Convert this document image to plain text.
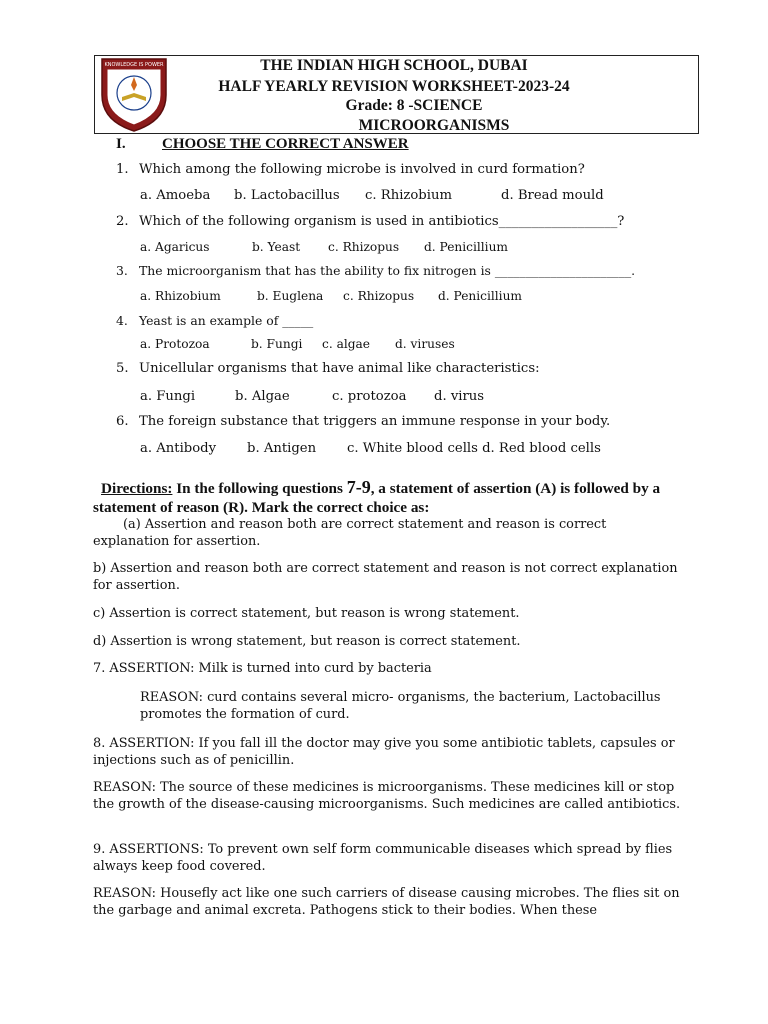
KNOWLEDGE IS POWER	THE INDIAN HIGH SCHOOL, DUBAI
HALF YEARLY REVISION WORKSHEET-2023-24
Grade: 8 -SCIENCE
MICROORGANISMS
I. CHOOSE THE CORRECT ANSWER
1. Which among the following microbe is involved in curd formation?
a. Amoeba b. Lactobacillus c. Rhizobium	d. Bread mould
2. Which of the following organism is used in antibiotics__________________?
a. Agaricus	b. Yeast c. Rhizopus d. Penicillium
3. The microorganism that has the ability to fix nitrogen is ______________________.
a. Rhizobium	b. Euglena c. Rhizopus d. Penicillium
4. Yeast is an example of _____
a. Protozoa	b. Fungi c. algae d. viruses
5. Unicellular organisms that have animal like characteristics:
a. Fungi	b. Algae	c. protozoa d. virus
6. The foreign substance that triggers an immune response in your body.
a. Antibody b. Antigen c. White blood cells d. Red blood cells
Directions: In the following questions 7-9, a statement of assertion (A) is followed by a statement of reason (R). Mark the correct choice as:
(a) Assertion and reason both are correct statement and reason is correct explanation for assertion.
b) Assertion and reason both are correct statement and reason is not correct explanation for assertion.
c) Assertion is correct statement, but reason is wrong statement.
d) Assertion is wrong statement, but reason is correct statement.
7. ASSERTION: Milk is turned into curd by bacteria
REASON: curd contains several micro- organisms, the bacterium, Lactobacillus promotes the formation of curd.
8. ASSERTION: If you fall ill the doctor may give you some antibiotic tablets, capsules or injections such as of penicillin.
REASON: The source of these medicines is microorganisms. These medicines kill or stop the growth of the disease-causing microorganisms. Such medicines are called antibiotics.
9. ASSERTIONS: To prevent own self form communicable diseases which spread by flies always keep food covered.
REASON: Housefly act like one such carriers of disease causing microbes. The flies sit on the garbage and animal excreta. Pathogens stick to their bodies. When these
